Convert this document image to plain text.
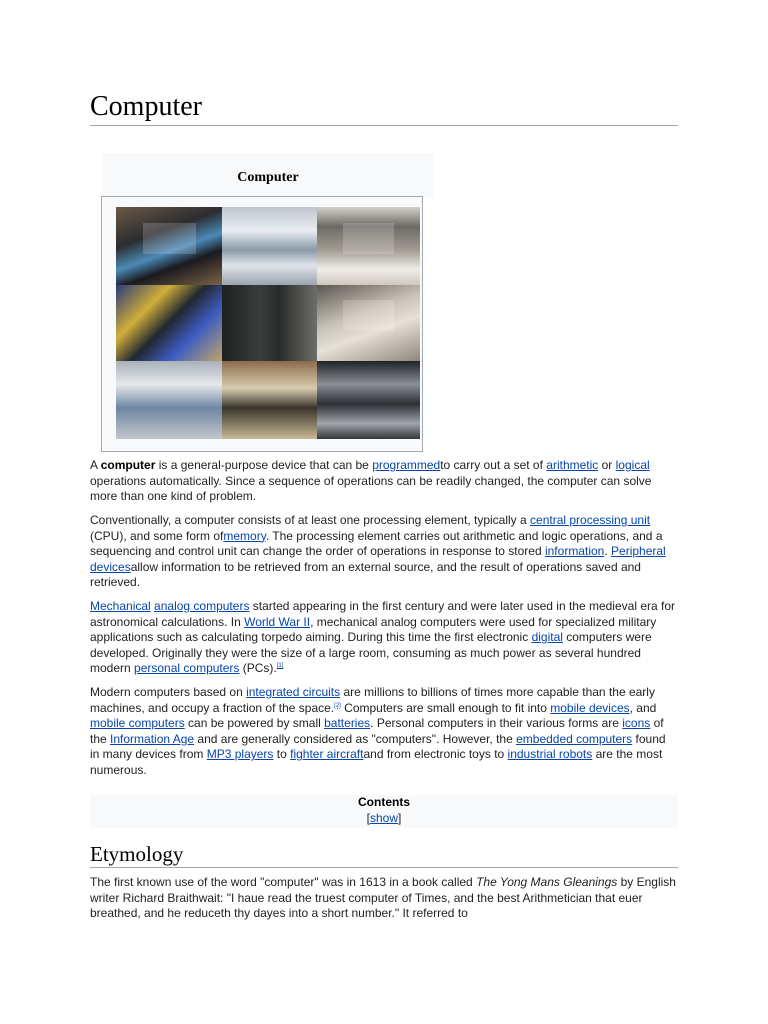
Computer
Computer

A computer is a general-purpose device that can be programmedto carry out a set of arithmetic or logical operations automatically. Since a sequence of operations can be readily changed, the computer can solve more than one kind of problem.

Conventionally, a computer consists of at least one processing element, typically a central processing unit (CPU), and some form ofmemory. The processing element carries out arithmetic and logic operations, and a sequencing and control unit can change the order of operations in response to stored information. Peripheral devicesallow information to be retrieved from an external source, and the result of operations saved and retrieved.

Mechanical analog computers started appearing in the first century and were later used in the medieval era for astronomical calculations. In World War II, mechanical analog computers were used for specialized military applications such as calculating torpedo aiming. During this time the first electronic digital computers were developed. Originally they were the size of a large room, consuming as much power as several hundred modern personal computers (PCs).[1]

Modern computers based on integrated circuits are millions to billions of times more capable than the early machines, and occupy a fraction of the space.[2] Computers are small enough to fit into mobile devices, and mobile computers can be powered by small batteries. Personal computers in their various forms are icons of the Information Age and are generally considered as "computers". However, the embedded computers found in many devices from MP3 players to fighter aircraftand from electronic toys to industrial robots are the most numerous.

Contents
[show]
Etymology

The first known use of the word "computer" was in 1613 in a book called The Yong Mans Gleanings by English writer Richard Braithwait: "I haue read the truest computer of Times, and the best Arithmetician that euer breathed, and he reduceth thy dayes into a short number." It referred to
